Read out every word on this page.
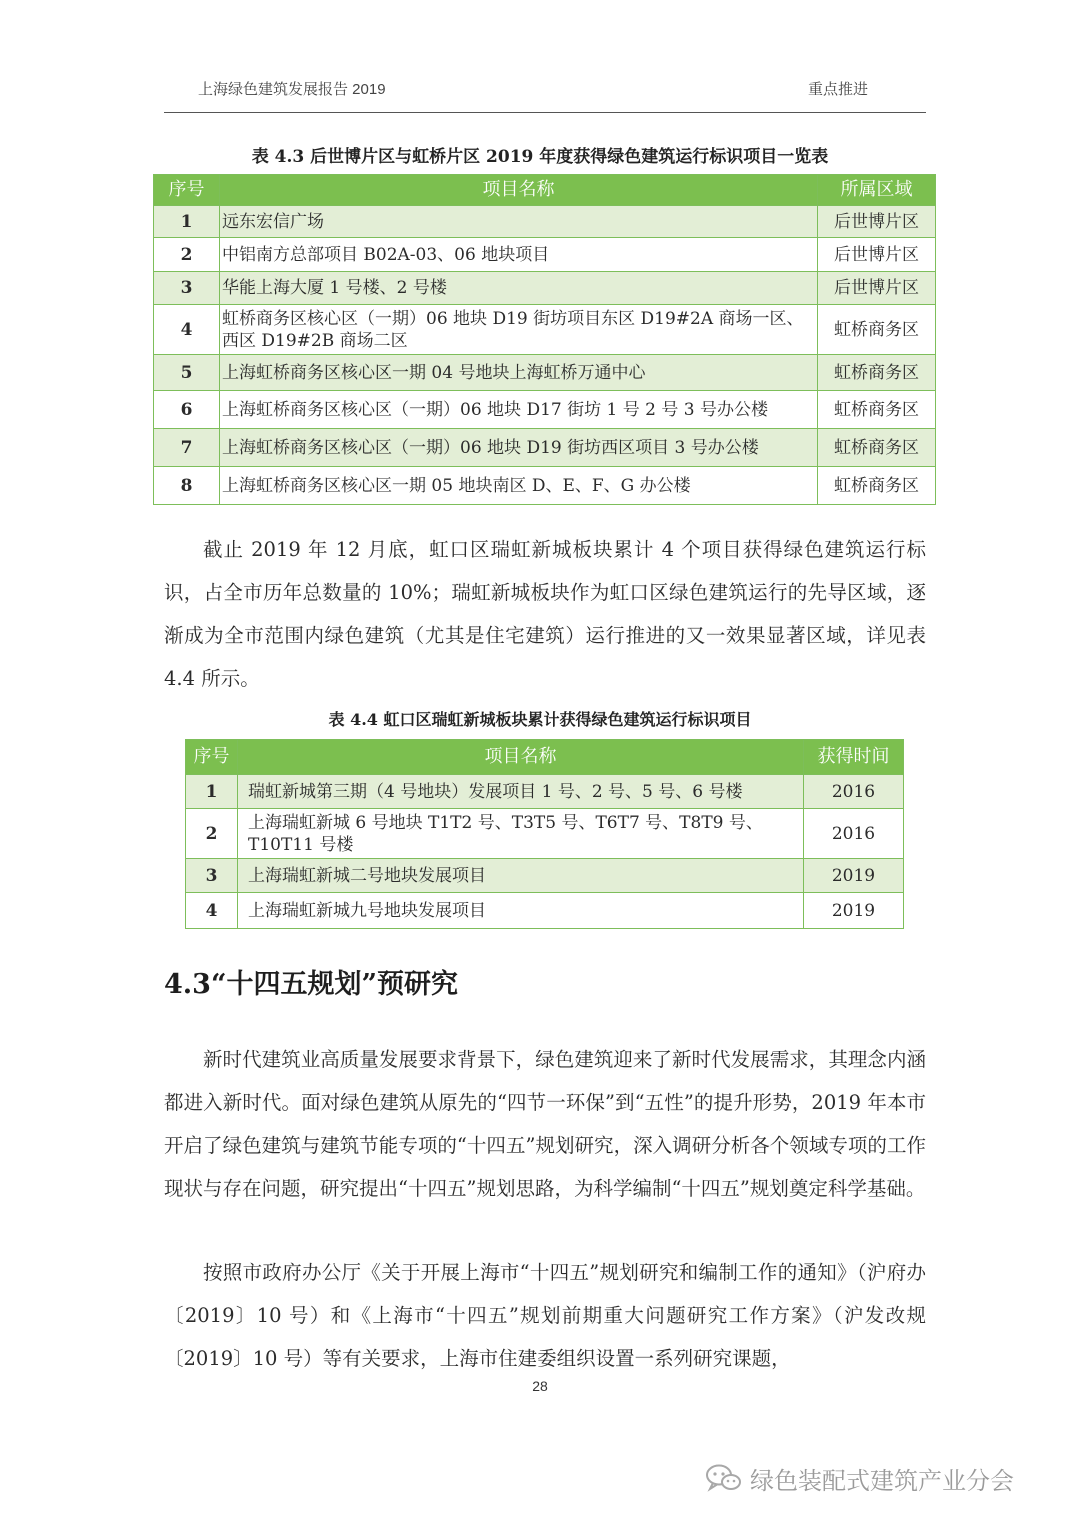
上海绿色建筑发展报告 2019	重点推进
表 4.3 后世博片区与虹桥片区 2019 年度获得绿色建筑运行标识项目一览表
序号	项目名称	所属区域
1	远东宏信广场	后世博片区
2	中铝南方总部项目 B02A-03、06 地块项目	后世博片区
3	华能上海大厦 1 号楼、2 号楼	后世博片区
4	虹桥商务区核心区（一期）06 地块 D19 街坊项目东区 D19#2A 商场一区、西区 D19#2B 商场二区	虹桥商务区
5	上海虹桥商务区核心区一期 04 号地块上海虹桥万通中心	虹桥商务区
6	上海虹桥商务区核心区（一期）06 地块 D17 街坊 1 号 2 号 3 号办公楼	虹桥商务区
7	上海虹桥商务区核心区（一期）06 地块 D19 街坊西区项目 3 号办公楼	虹桥商务区
8	上海虹桥商务区核心区一期 05 地块南区 D、E、F、G 办公楼	虹桥商务区
截止 2019 年 12 月底，虹口区瑞虹新城板块累计 4 个项目获得绿色建筑运行标识，占全市历年总数量的 10%；瑞虹新城板块作为虹口区绿色建筑运行的先导区域，逐渐成为全市范围内绿色建筑（尤其是住宅建筑）运行推进的又一效果显著区域，详见表 4.4 所示。
表 4.4 虹口区瑞虹新城板块累计获得绿色建筑运行标识项目
序号	项目名称	获得时间
1	瑞虹新城第三期（4 号地块）发展项目 1 号、2 号、5 号、6 号楼	2016
2	上海瑞虹新城 6 号地块 T1T2 号、T3T5 号、T6T7 号、T8T9 号、T10T11 号楼	2016
3	上海瑞虹新城二号地块发展项目	2019
4	上海瑞虹新城九号地块发展项目	2019
4.3“十四五规划”预研究
新时代建筑业高质量发展要求背景下，绿色建筑迎来了新时代发展需求，其理念内涵都进入新时代。面对绿色建筑从原先的“四节一环保”到“五性”的提升形势，2019 年本市开启了绿色建筑与建筑节能专项的“十四五”规划研究，深入调研分析各个领域专项的工作现状与存在问题，研究提出“十四五”规划思路，为科学编制“十四五”规划奠定科学基础。
按照市政府办公厅《关于开展上海市“十四五”规划研究和编制工作的通知》（沪府办〔2019〕10 号）和《上海市“十四五”规划前期重大问题研究工作方案》（沪发改规〔2019〕10 号）等有关要求，上海市住建委组织设置一系列研究课题，
28
绿色装配式建筑产业分会
